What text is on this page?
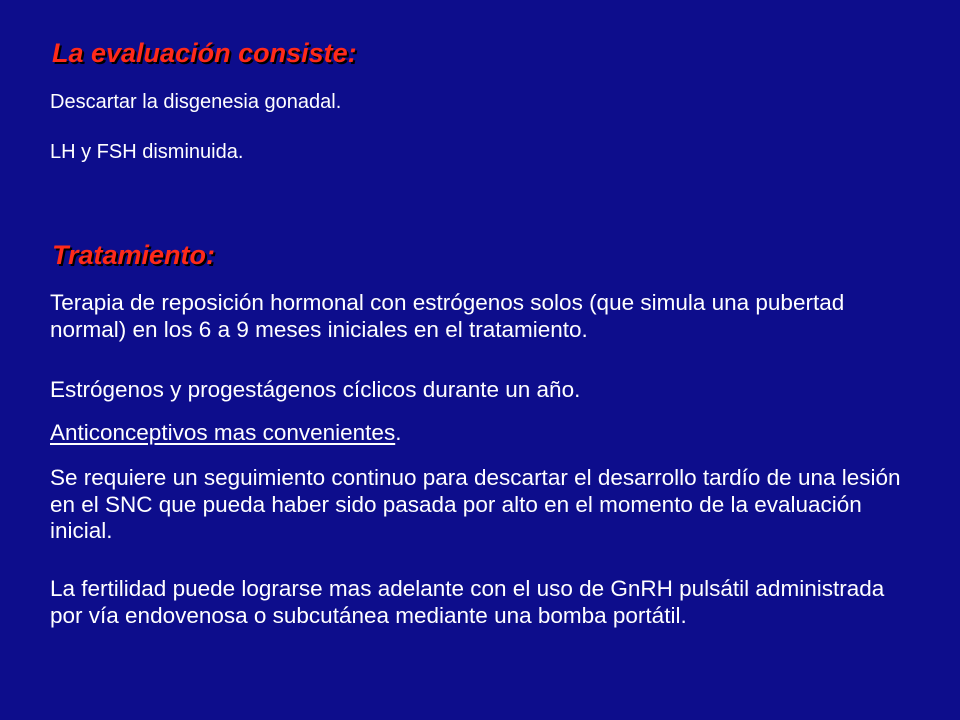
La evaluación consiste:

Descartar la disgenesia gonadal.

LH y FSH disminuida.

Tratamiento:

Terapia de reposición hormonal con estrógenos solos (que simula una pubertad normal) en los 6 a 9 meses iniciales en el tratamiento.

Estrógenos y progestágenos cíclicos durante un año.

Anticonceptivos mas convenientes.

Se requiere un seguimiento continuo para descartar el desarrollo tardío de una lesión en el SNC que pueda haber sido pasada por alto en el momento de la evaluación inicial.

La fertilidad puede lograrse mas adelante con el uso de GnRH pulsátil administrada por vía endovenosa o subcutánea mediante una bomba portátil.
